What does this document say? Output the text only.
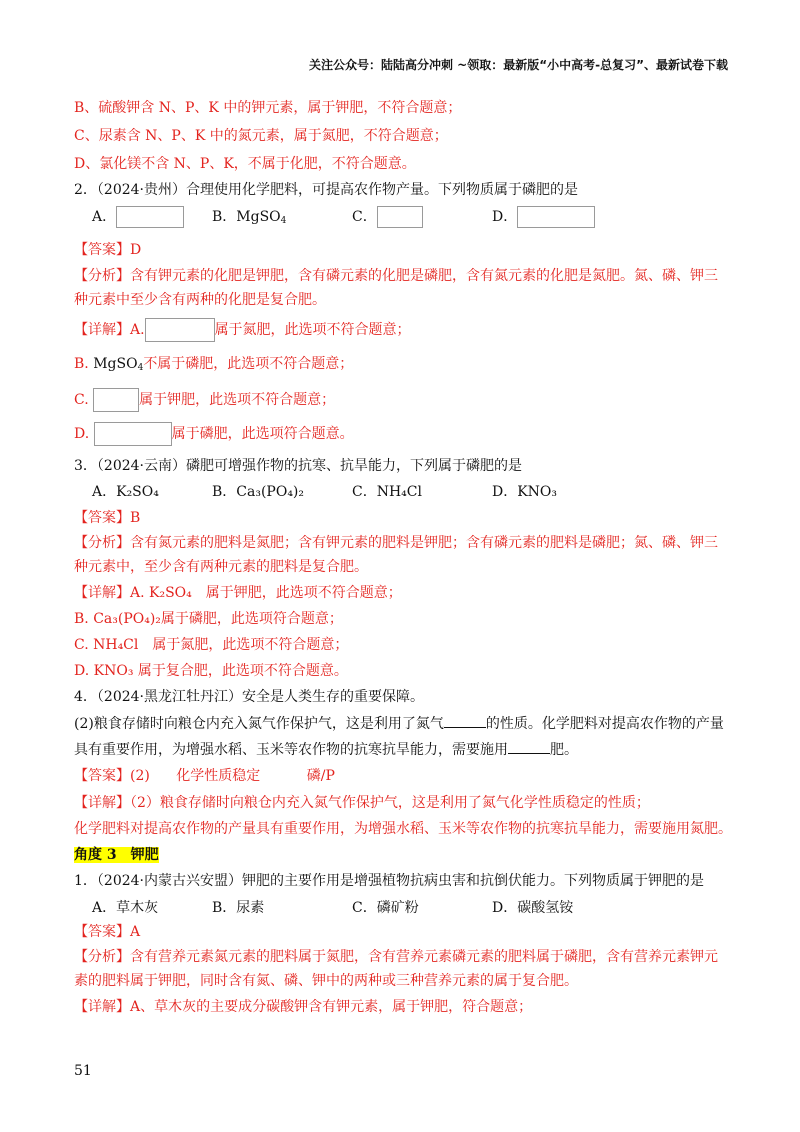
关注公众号：陆陆高分冲刺 ~领取：最新版“小中高考-总复习”、最新试卷下载
B、硫酸钾含 N、P、K 中的钾元素，属于钾肥，不符合题意；
C、尿素含 N、P、K 中的氮元素，属于氮肥，不符合题意；
D、氯化镁不含 N、P、K，不属于化肥，不符合题意。
2．（2024·贵州）合理使用化学肥料，可提高农作物产量。下列物质属于磷肥的是
A．	B．MgSO$_4$	C．	D．
【答案】D
【分析】含有钾元素的化肥是钾肥，含有磷元素的化肥是磷肥，含有氮元素的化肥是氮肥。氮、磷、钾三
种元素中至少含有两种的化肥是复合肥。
【详解】A.	属于氮肥，此选项不符合题意；
B. MgSO$_4$不属于磷肥，此选项不符合题意；
C.	属于钾肥，此选项不符合题意；
D.	属于磷肥，此选项符合题意。
3．（2024·云南）磷肥可增强作物的抗寒、抗旱能力，下列属于磷肥的是
A．K₂SO₄	B．Ca₃(PO₄)₂	C．NH₄Cl	D．KNO₃
【答案】B
【分析】含有氮元素的肥料是氮肥；含有钾元素的肥料是钾肥；含有磷元素的肥料是磷肥；氮、磷、钾三
种元素中，至少含有两种元素的肥料是复合肥。
【详解】A. K₂SO₄　属于钾肥，此选项不符合题意；
B. Ca₃(PO₄)₂属于磷肥，此选项符合题意；
C. NH₄Cl　属于氮肥，此选项不符合题意；
D. KNO₃ 属于复合肥，此选项不符合题意。
4．（2024·黑龙江牡丹江）安全是人类生存的重要保障。
(2)粮食存储时向粮仓内充入氮气作保护气，这是利用了氮气	的性质。化学肥料对提高农作物的产量
具有重要作用，为增强水稻、玉米等农作物的抗寒抗旱能力，需要施用	肥。
【答案】(2) 化学性质稳定	磷/P
【详解】（2）粮食存储时向粮仓内充入氮气作保护气，这是利用了氮气化学性质稳定的性质；
化学肥料对提高农作物的产量具有重要作用，为增强水稻、玉米等农作物的抗寒抗旱能力，需要施用氮肥。
角度 3　 钾肥
1．（2024·内蒙古兴安盟）钾肥的主要作用是增强植物抗病虫害和抗倒伏能力。下列物质属于钾肥的是
A．草木灰	B．尿素	C．磷矿粉	D．碳酸氢铵
【答案】A
【分析】含有营养元素氮元素的肥料属于氮肥，含有营养元素磷元素的肥料属于磷肥，含有营养元素钾元
素的肥料属于钾肥，同时含有氮、磷、钾中的两种或三种营养元素的属于复合肥。
【详解】A、草木灰的主要成分碳酸钾含有钾元素，属于钾肥，符合题意；
51
